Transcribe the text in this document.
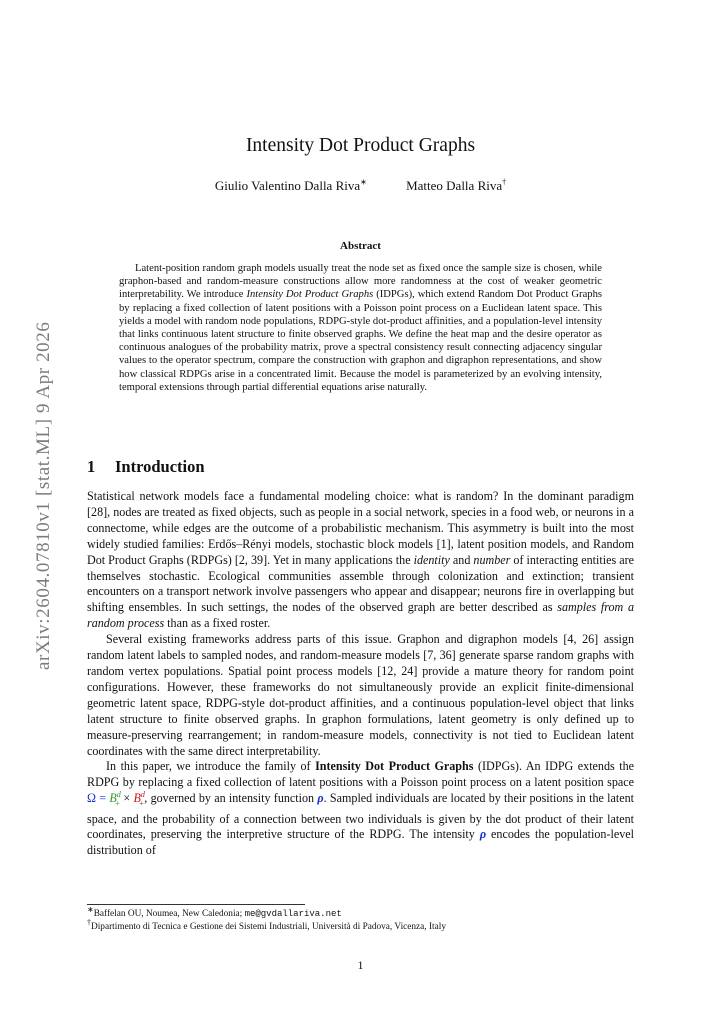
arXiv:2604.07810v1 [stat.ML] 9 Apr 2026
Intensity Dot Product Graphs
Giulio Valentino Dalla Riva∗	Matteo Dalla Riva†
Abstract
Latent-position random graph models usually treat the node set as fixed once the sample size is chosen, while graphon-based and random-measure constructions allow more randomness at the cost of weaker geometric interpretability. We introduce Intensity Dot Product Graphs (IDPGs), which extend Random Dot Product Graphs by replacing a fixed collection of latent positions with a Poisson point process on a Euclidean latent space. This yields a model with random node populations, RDPG-style dot-product affinities, and a population-level intensity that links continuous latent structure to finite observed graphs. We define the heat map and the desire operator as continuous analogues of the probability matrix, prove a spectral consistency result connecting adjacency singular values to the operator spectrum, compare the construction with graphon and digraphon representations, and show how classical RDPGs arise in a concentrated limit. Because the model is parameterized by an evolving intensity, temporal extensions through partial differential equations arise naturally.
1 Introduction

Statistical network models face a fundamental modeling choice: what is random? In the dominant paradigm [28], nodes are treated as fixed objects, such as people in a social network, species in a food web, or neurons in a connectome, while edges are the outcome of a probabilistic mechanism. This asymmetry is built into the most widely studied families: Erdős–Rényi models, stochastic block models [1], latent position models, and Random Dot Product Graphs (RDPGs) [2, 39]. Yet in many applications the identity and number of interacting entities are themselves stochastic. Ecological communities assemble through colonization and extinction; transient encounters on a transport network involve passengers who appear and disappear; neurons fire in overlapping but shifting ensembles. In such settings, the nodes of the observed graph are better described as samples from a random process than as a fixed roster.

Several existing frameworks address parts of this issue. Graphon and digraphon models [4, 26] assign random latent labels to sampled nodes, and random-measure models [7, 36] generate sparse random graphs with random vertex populations. Spatial point process models [12, 24] provide a mature theory for random point configurations. However, these frameworks do not simultaneously provide an explicit finite-dimensional geometric latent space, RDPG-style dot-product affinities, and a continuous population-level object that links latent structure to finite observed graphs. In graphon formulations, latent geometry is only defined up to measure-preserving rearrangement; in random-measure models, connectivity is not tied to Euclidean latent coordinates with the same direct interpretability.

In this paper, we introduce the family of Intensity Dot Product Graphs (IDPGs). An IDPG extends the RDPG by replacing a fixed collection of latent positions with a Poisson point process on a latent position space $\Omega = B^d_+ \times B^d_+$, governed by an intensity function ρ. Sampled individuals are located by their positions in the latent space, and the probability of a connection between two individuals is given by the dot product of their latent coordinates, preserving the interpretive structure of the RDPG. The intensity ρ encodes the population-level distribution of

∗Baffelan OU, Noumea, New Caledonia; me@gvdallariva.net
†Dipartimento di Tecnica e Gestione dei Sistemi Industriali, Università di Padova, Vicenza, Italy
1
